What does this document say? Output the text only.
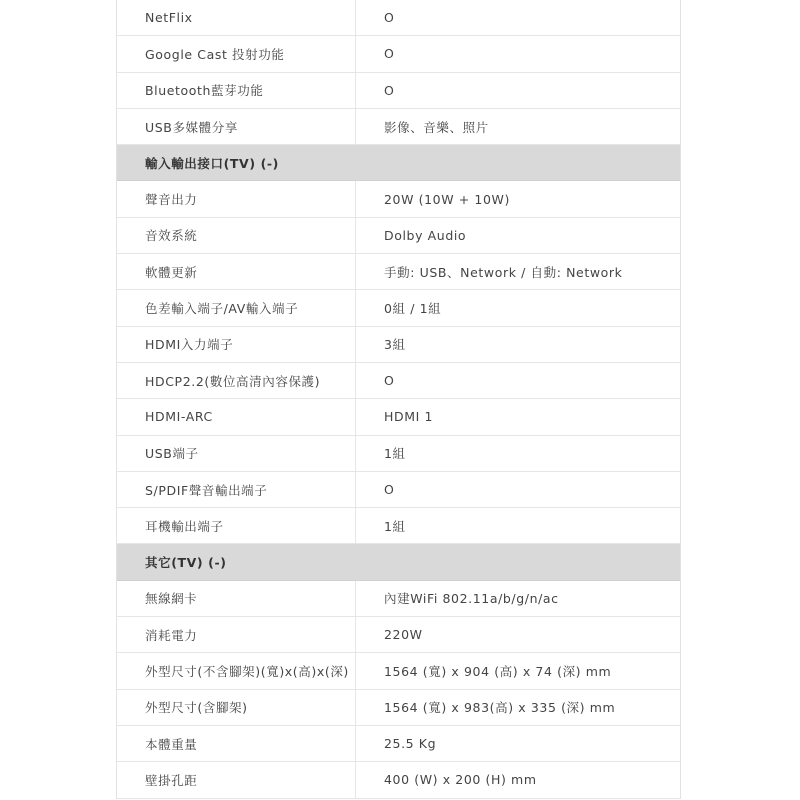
NetFlix	O
Google Cast 投射功能	O
Bluetooth藍芽功能	O
USB多媒體分享	影像、音樂、照片
輸入輸出接口(TV) (-)
聲音出力	20W (10W + 10W)
音效系統	Dolby Audio
軟體更新	手動: USB、Network / 自動: Network
色差輸入端子/AV輸入端子	0組 / 1組
HDMI入力端子	3組
HDCP2.2(數位高清內容保護)	O
HDMI-ARC	HDMI 1
USB端子	1組
S/PDIF聲音輸出端子	O
耳機輸出端子	1組
其它(TV) (-)
無線網卡	內建WiFi 802.11a/b/g/n/ac
消耗電力	220W
外型尺寸(不含腳架)(寬)x(高)x(深)	1564 (寬) x 904 (高) x 74 (深) mm
外型尺寸(含腳架)	1564 (寬) x 983(高) x 335 (深) mm
本體重量	25.5 Kg
壁掛孔距	400 (W) x 200 (H) mm
